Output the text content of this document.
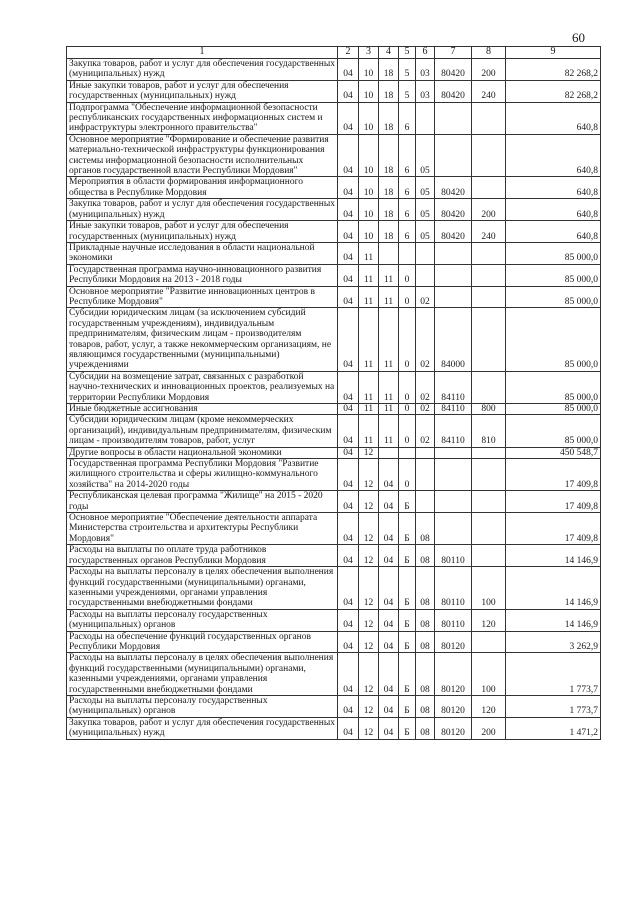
60
1	2	3	4	5	6	7	8	9
Закупка товаров, работ и услуг для обеспечения государственных (муниципальных) нужд	04	10	18	5	03	80420	200	82 268,2
Иные закупки товаров, работ и услуг для обеспечения государственных (муниципальных) нужд	04	10	18	5	03	80420	240	82 268,2
Подпрограмма "Обеспечение информационной безопасности республиканских государственных информационных систем и инфраструктуры электронного правительства"	04	10	18	6				640,8
Основное мероприятие "Формирование и обеспечение развития материально-технической инфраструктуры функционирования системы информационной безопасности исполнительных органов государственной власти Республики Мордовия"	04	10	18	6	05			640,8
Мероприятия в области формирования информационного общества в Республике Мордовия	04	10	18	6	05	80420		640,8
Закупка товаров, работ и услуг для обеспечения государственных (муниципальных) нужд	04	10	18	6	05	80420	200	640,8
Иные закупки товаров, работ и услуг для обеспечения государственных (муниципальных) нужд	04	10	18	6	05	80420	240	640,8
Прикладные научные исследования в области национальной экономики	04	11						85 000,0
Государственная программа научно-инновационного развития Республики Мордовия на 2013 - 2018 годы	04	11	11	0				85 000,0
Основное мероприятие "Развитие инновационных центров в Республике Мордовия"	04	11	11	0	02			85 000,0
Субсидии юридическим лицам (за исключением субсидий государственным учреждениям), индивидуальным предпринимателям, физическим лицам - производителям товаров, работ, услуг, а также некоммерческим организациям, не являющимся государственными (муниципальными) учреждениями	04	11	11	0	02	84000		85 000,0
Субсидии на возмещение затрат, связанных с разработкой научно-технических и инновационных проектов, реализуемых на территории Республики Мордовия	04	11	11	0	02	84110		85 000,0
Иные бюджетные ассигнования	04	11	11	0	02	84110	800	85 000,0
Субсидии юридическим лицам (кроме некоммерческих организаций), индивидуальным предпринимателям, физическим лицам - производителям товаров, работ, услуг	04	11	11	0	02	84110	810	85 000,0
Другие вопросы в области национальной экономики	04	12						450 548,7
Государственная программа Республики Мордовия "Развитие жилищного строительства и сферы жилищно-коммунального хозяйства" на 2014-2020 годы	04	12	04	0				17 409,8
Республиканская целевая программа "Жилище" на 2015 - 2020 годы	04	12	04	Б				17 409,8
Основное мероприятие "Обеспечение деятельности аппарата Министерства строительства и архитектуры Республики Мордовия"	04	12	04	Б	08			17 409,8
Расходы на выплаты по оплате труда работников государственных органов Республики Мордовия	04	12	04	Б	08	80110		14 146,9
Расходы на выплаты персоналу в целях обеспечения выполнения функций государственными (муниципальными) органами, казенными учреждениями, органами управления государственными внебюджетными фондами	04	12	04	Б	08	80110	100	14 146,9
Расходы на выплаты персоналу государственных (муниципальных) органов	04	12	04	Б	08	80110	120	14 146,9
Расходы на обеспечение функций государственных органов Республики Мордовия	04	12	04	Б	08	80120		3 262,9
Расходы на выплаты персоналу в целях обеспечения выполнения функций государственными (муниципальными) органами, казенными учреждениями, органами управления государственными внебюджетными фондами	04	12	04	Б	08	80120	100	1 773,7
Расходы на выплаты персоналу государственных (муниципальных) органов	04	12	04	Б	08	80120	120	1 773,7
Закупка товаров, работ и услуг для обеспечения государственных (муниципальных) нужд	04	12	04	Б	08	80120	200	1 471,2
